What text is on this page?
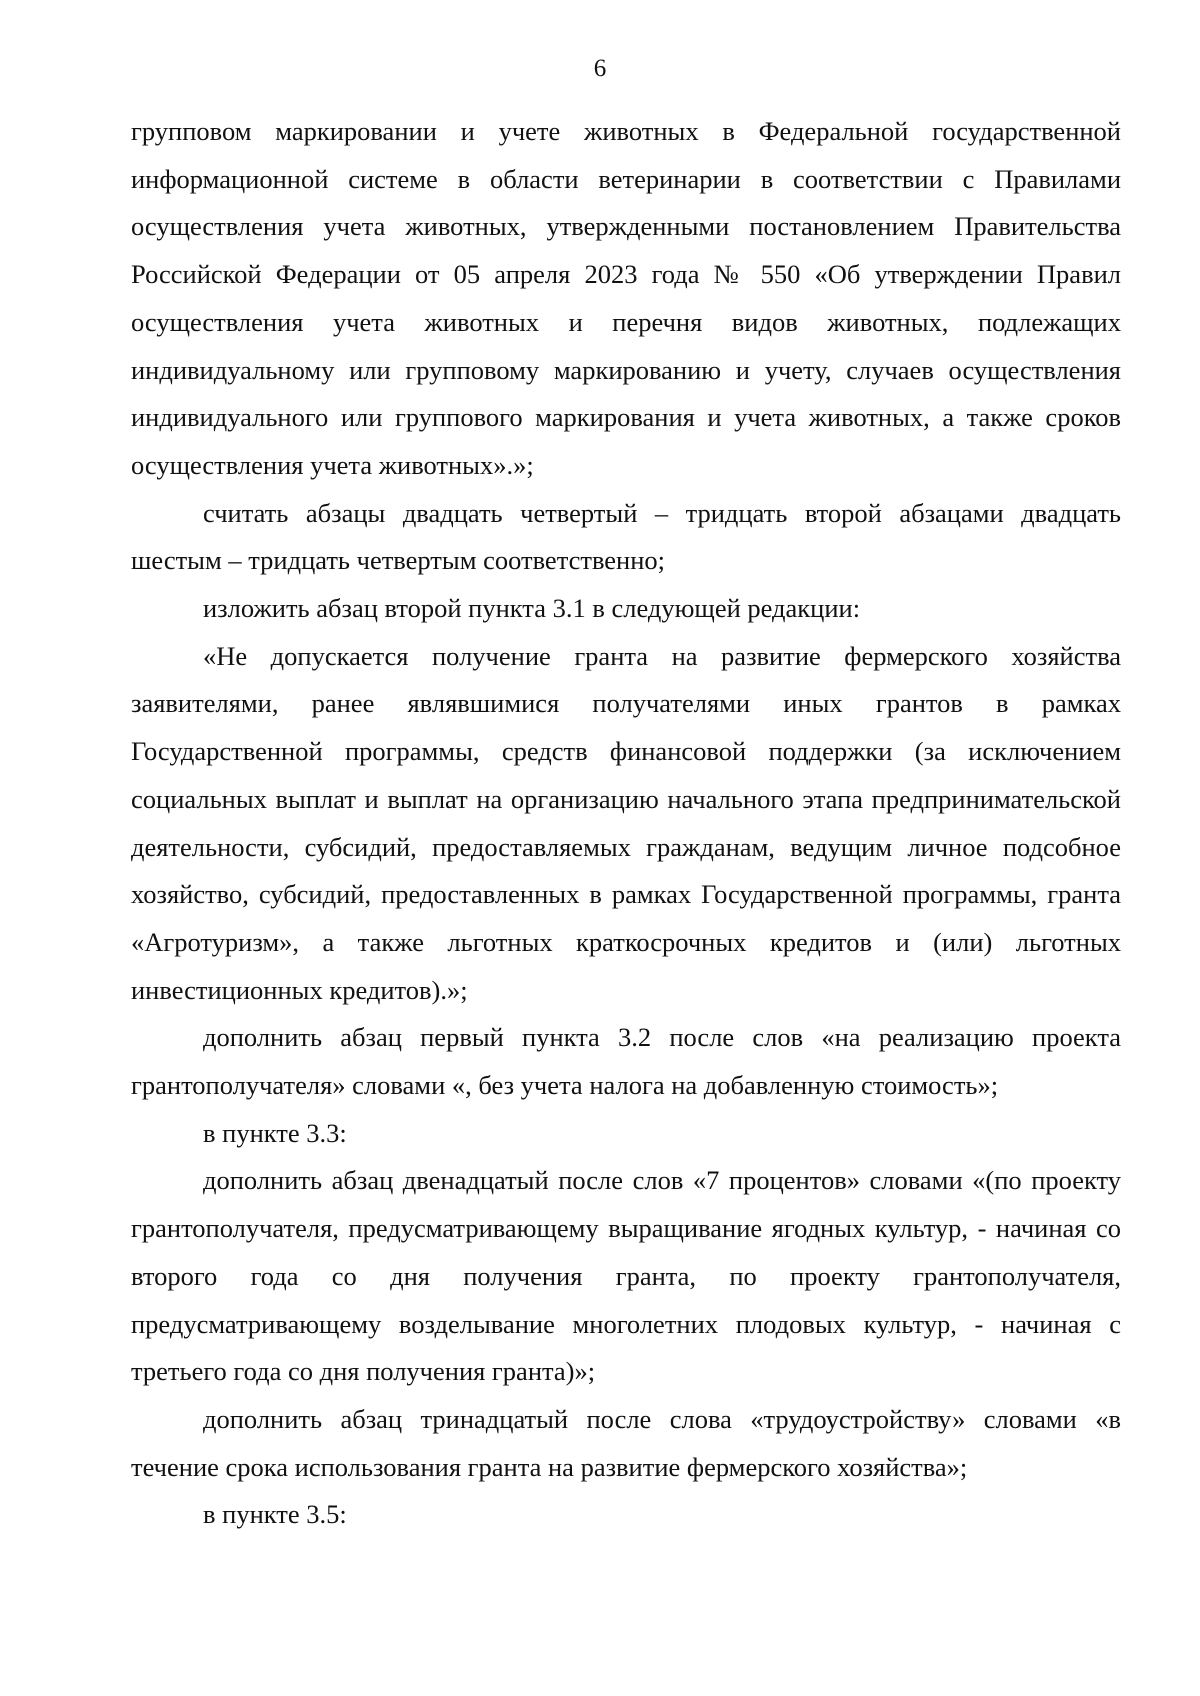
6

групповом маркировании и учете животных в Федеральной государственной информационной системе в области ветеринарии в соответствии с Правилами осуществления учета животных, утвержденными постановлением Правительства Российской Федерации от 05 апреля 2023 года № 550 «Об утверждении Правил осуществления учета животных и перечня видов животных, подлежащих индивидуальному или групповому маркированию и учету, случаев осуществления индивидуального или группового маркирования и учета животных, а также сроков осуществления учета животных».»;

считать абзацы двадцать четвертый – тридцать второй абзацами двадцать шестым – тридцать четвертым соответственно;

изложить абзац второй пункта 3.1 в следующей редакции:

«Не допускается получение гранта на развитие фермерского хозяйства заявителями, ранее являвшимися получателями иных грантов в рамках Государственной программы, средств финансовой поддержки (за исключением социальных выплат и выплат на организацию начального этапа предпринимательской деятельности, субсидий, предоставляемых гражданам, ведущим личное подсобное хозяйство, субсидий, предоставленных в рамках Государственной программы, гранта «Агротуризм», а также льготных краткосрочных кредитов и (или) льготных инвестиционных кредитов).»;

дополнить абзац первый пункта 3.2 после слов «на реализацию проекта грантополучателя» словами «, без учета налога на добавленную стоимость»;

в пункте 3.3:

дополнить абзац двенадцатый после слов «7 процентов» словами «(по проекту грантополучателя, предусматривающему выращивание ягодных культур, - начиная со второго года со дня получения гранта, по проекту грантополучателя, предусматривающему возделывание многолетних плодовых культур, - начиная с третьего года со дня получения гранта)»;

дополнить абзац тринадцатый после слова «трудоустройству» словами «в течение срока использования гранта на развитие фермерского хозяйства»;

в пункте 3.5:
